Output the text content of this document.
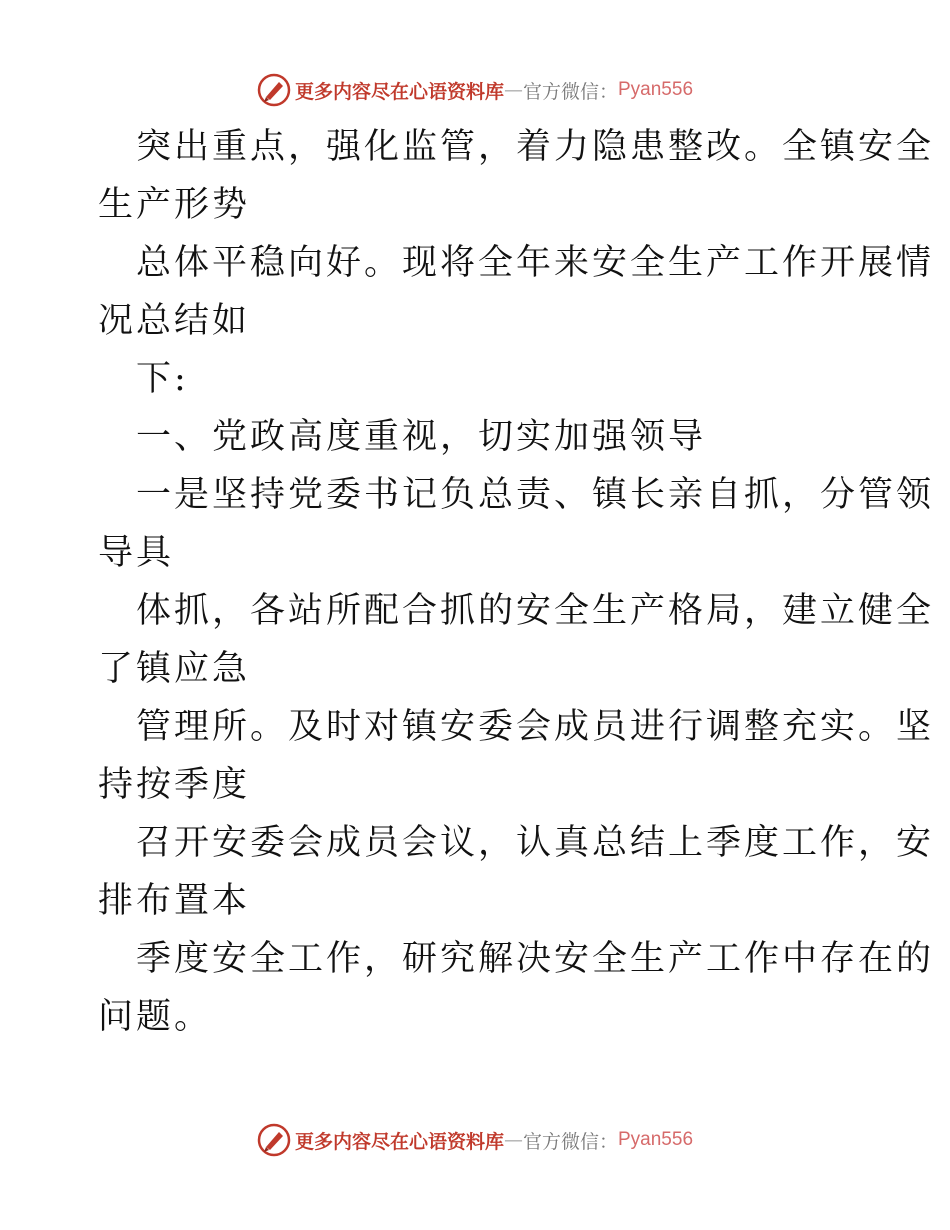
更多内容尽在心语资料库 — 官方微信： Pyan556
突出重点，强化监管，着力隐患整改。全镇安全
生产形势
总体平稳向好。现将全年来安全生产工作开展情
况总结如
下:
一、党政高度重视，切实加强领导
一是坚持党委书记负总责、镇长亲自抓，分管领
导具
体抓，各站所配合抓的安全生产格局，建立健全
了镇应急
管理所。及时对镇安委会成员进行调整充实。坚
持按季度
召开安委会成员会议，认真总结上季度工作，安
排布置本
季度安全工作，研究解决安全生产工作中存在的
问题。
更多内容尽在心语资料库 — 官方微信： Pyan556
